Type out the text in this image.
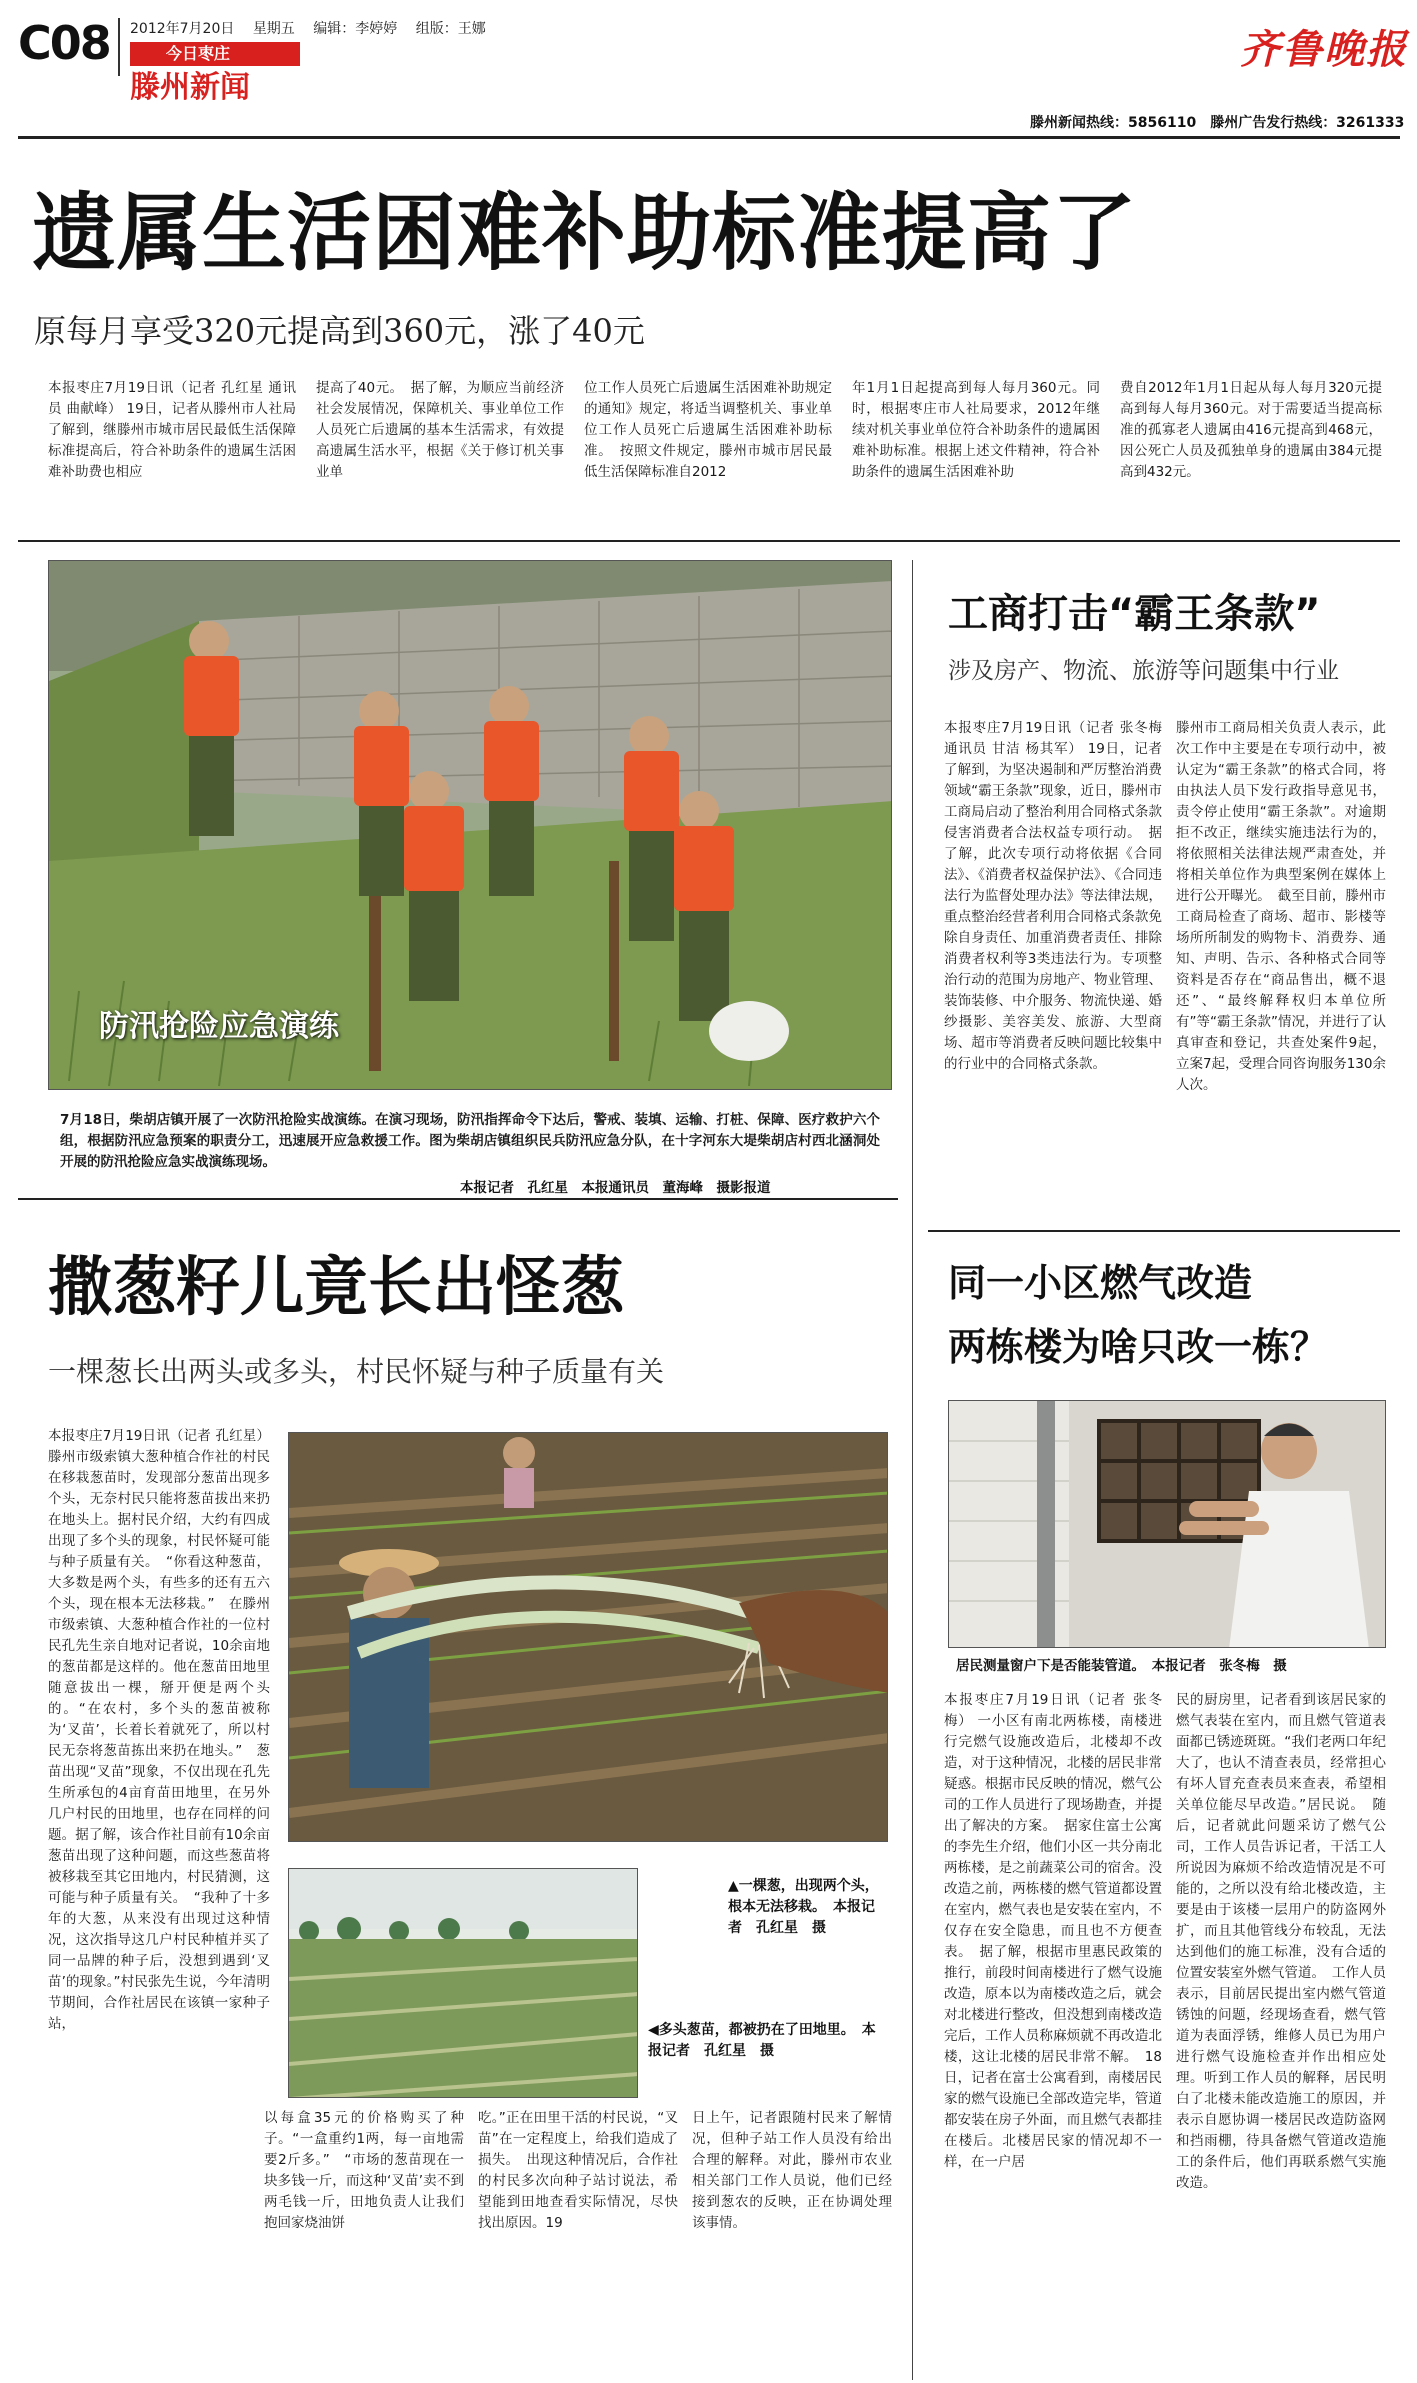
C08 2012年7月20日 星期五 编辑：李婷婷 组版：王娜
今日枣庄
滕州新闻
齐鲁晚报
滕州新闻热线：5856110　滕州广告发行热线：3261333
遗属生活困难补助标准提高了
原每月享受320元提高到360元，涨了40元
本报枣庄7月19日讯（记者 孔红星 通讯员 曲献峰） 19日，记者从滕州市人社局了解到，继滕州市城市居民最低生活保障标准提高后，符合补助条件的遗属生活困难补助费也相应
提高了40元。　据了解，为顺应当前经济社会发展情况，保障机关、事业单位工作人员死亡后遗属的基本生活需求，有效提高遗属生活水平，根据《关于修订机关事业单
位工作人员死亡后遗属生活困难补助规定的通知》规定，将适当调整机关、事业单位工作人员死亡后遗属生活困难补助标准。　按照文件规定，滕州市城市居民最低生活保障标准自2012
年1月1日起提高到每人每月360元。同时，根据枣庄市人社局要求，2012年继续对机关事业单位符合补助条件的遗属困难补助标准。根据上述文件精神，符合补助条件的遗属生活困难补助
费自2012年1月1日起从每人每月320元提高到每人每月360元。对于需要适当提高标准的孤寡老人遗属由416元提高到468元，因公死亡人员及孤独单身的遗属由384元提高到432元。
防汛抢险应急演练
7月18日，柴胡店镇开展了一次防汛抢险实战演练。在演习现场，防汛指挥命令下达后，警戒、装填、运输、打桩、保障、医疗救护六个组，根据防汛应急预案的职责分工，迅速展开应急救援工作。图为柴胡店镇组织民兵防汛应急分队，在十字河东大堤柴胡店村西北涵洞处开展的防汛抢险应急实战演练现场。
本报记者　孔红星　本报通讯员　董海峰　摄影报道
工商打击“霸王条款”
涉及房产、物流、旅游等问题集中行业
本报枣庄7月19日讯（记者 张冬梅 通讯员 甘洁 杨其军） 19日，记者了解到，为坚决遏制和严厉整治消费领域“霸王条款”现象，近日，滕州市工商局启动了整治利用合同格式条款侵害消费者合法权益专项行动。　据了解，此次专项行动将依据《合同法》、《消费者权益保护法》、《合同违法行为监督处理办法》等法律法规，重点整治经营者利用合同格式条款免除自身责任、加重消费者责任、排除消费者权利等3类违法行为。专项整治行动的范围为房地产、物业管理、装饰装修、中介服务、物流快递、婚纱摄影、美容美发、旅游、大型商场、超市等消费者反映问题比较集中的行业中的合同格式条款。
滕州市工商局相关负责人表示，此次工作中主要是在专项行动中，被认定为“霸王条款”的格式合同，将由执法人员下发行政指导意见书，责令停止使用“霸王条款”。对逾期拒不改正，继续实施违法行为的，将依照相关法律法规严肃查处，并将相关单位作为典型案例在媒体上进行公开曝光。　截至目前，滕州市工商局检查了商场、超市、影楼等场所所制发的购物卡、消费券、通知、声明、告示、各种格式合同等资料是否存在“商品售出，概不退还”、“最终解释权归本单位所有”等“霸王条款”情况，并进行了认真审查和登记，共查处案件9起，立案7起，受理合同咨询服务130余人次。
同一小区燃气改造
两栋楼为啥只改一栋？
居民测量窗户下是否能装管道。　本报记者　张冬梅　摄
本报枣庄7月19日讯（记者 张冬梅） 一小区有南北两栋楼，南楼进行完燃气设施改造后，北楼却不改造，对于这种情况，北楼的居民非常疑惑。根据市民反映的情况，燃气公司的工作人员进行了现场勘查，并提出了解决的方案。　据家住富士公寓的李先生介绍，他们小区一共分南北两栋楼，是之前蔬菜公司的宿舍。没改造之前，两栋楼的燃气管道都设置在室内，燃气表也是安装在室内，不仅存在安全隐患，而且也不方便查表。　据了解，根据市里惠民政策的推行，前段时间南楼进行了燃气设施改造，原本以为南楼改造之后，就会对北楼进行整改，但没想到南楼改造完后，工作人员称麻烦就不再改造北楼，这让北楼的居民非常不解。　18日，记者在富士公寓看到，南楼居民家的燃气设施已全部改造完毕，管道都安装在房子外面，而且燃气表都挂在楼后。北楼居民家的情况却不一样，在一户居
民的厨房里，记者看到该居民家的燃气表装在室内，而且燃气管道表面都已锈迹斑斑。“我们老两口年纪大了，也认不清查表员，经常担心有坏人冒充查表员来查表，希望相关单位能尽早改造。”居民说。　随后，记者就此问题采访了燃气公司，工作人员告诉记者，干活工人所说因为麻烦不给改造情况是不可能的，之所以没有给北楼改造，主要是由于该楼一层用户的防盗网外扩，而且其他管线分布较乱，无法达到他们的施工标准，没有合适的位置安装室外燃气管道。　工作人员表示，目前居民提出室内燃气管道锈蚀的问题，经现场查看，燃气管道为表面浮锈，维修人员已为用户进行燃气设施检查并作出相应处理。听到工作人员的解释，居民明白了北楼未能改造施工的原因，并表示自愿协调一楼居民改造防盗网和挡雨棚，待具备燃气管道改造施工的条件后，他们再联系燃气实施改造。
撒葱籽儿竟长出怪葱
一棵葱长出两头或多头，村民怀疑与种子质量有关
本报枣庄7月19日讯（记者 孔红星） 滕州市级索镇大葱种植合作社的村民在移栽葱苗时，发现部分葱苗出现多个头，无奈村民只能将葱苗拔出来扔在地头上。据村民介绍，大约有四成出现了多个头的现象，村民怀疑可能与种子质量有关。　“你看这种葱苗，大多数是两个头，有些多的还有五六个头，现在根本无法移栽。”　在滕州市级索镇、大葱种植合作社的一位村民孔先生亲自地对记者说，10余亩地的葱苗都是这样的。他在葱苗田地里随意拔出一棵，掰开便是两个头的。“在农村，多个头的葱苗被称为‘叉苗’，长着长着就死了，所以村民无奈将葱苗拣出来扔在地头。”　葱苗出现“叉苗”现象，不仅出现在孔先生所承包的4亩育苗田地里，在另外几户村民的田地里，也存在同样的问题。据了解，该合作社目前有10余亩葱苗出现了这种问题，而这些葱苗将被移栽至其它田地内，村民猜测，这可能与种子质量有关。　“我种了十多年的大葱，从来没有出现过这种情况，这次指导这几户村民种植并买了同一品牌的种子后，没想到遇到‘叉苗’的现象。”村民张先生说，今年清明节期间，合作社居民在该镇一家种子站，
▲一棵葱，出现两个头，根本无法移栽。　本报记者　孔红星　摄
◀多头葱苗，都被扔在了田地里。　本报记者　孔红星　摄
以每盒35元的价格购买了种子。“一盒重约1两，每一亩地需要2斤多。”　“市场的葱苗现在一块多钱一斤，而这种‘叉苗’卖不到两毛钱一斤，田地负责人让我们抱回家烧油饼
吃。”正在田里干活的村民说，“叉苗”在一定程度上，给我们造成了损失。　出现这种情况后，合作社的村民多次向种子站讨说法，希望能到田地查看实际情况，尽快找出原因。19
日上午，记者跟随村民来了解情况，但种子站工作人员没有给出合理的解释。对此，滕州市农业相关部门工作人员说，他们已经接到葱农的反映，正在协调处理该事情。
